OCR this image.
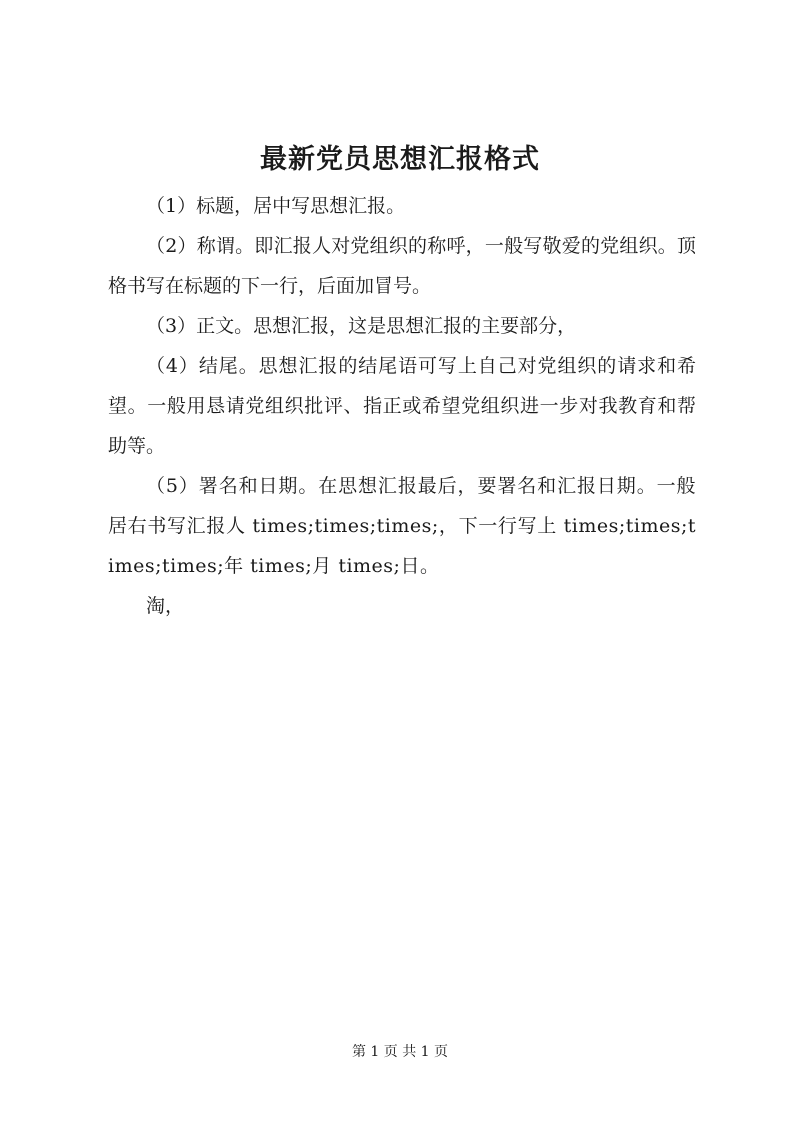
最新党员思想汇报格式

（1）标题，居中写思想汇报。

（2）称谓。即汇报人对党组织的称呼，一般写敬爱的党组织。顶格书写在标题的下一行，后面加冒号。

（3）正文。思想汇报，这是思想汇报的主要部分，

（4）结尾。思想汇报的结尾语可写上自己对党组织的请求和希望。一般用恳请党组织批评、指正或希望党组织进一步对我教育和帮助等。

（5）署名和日期。在思想汇报最后，要署名和汇报日期。一般居右书写汇报人 times;times;times;，下一行写上 times;times;times;times;年 times;月 times;日。

淘，

第 1 页 共 1 页
